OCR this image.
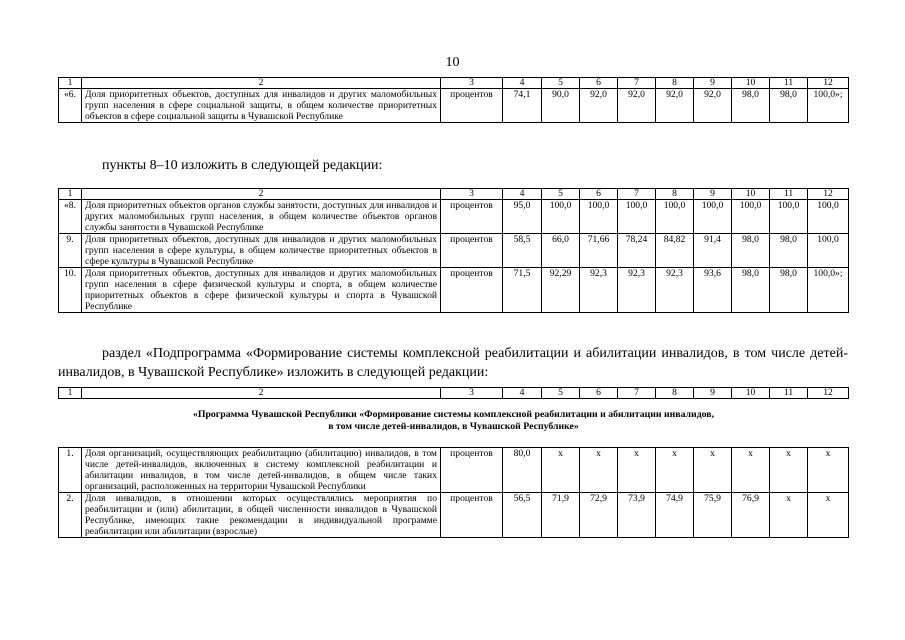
10
1	2	3	4	5	6	7	8	9	10	11	12
«6.	Доля приоритетных объектов, доступных для инвалидов и других маломобильных групп населения в сфере социальной защиты, в общем количестве приоритетных объектов в сфере социальной защиты в Чувашской Республике	процентов	74,1	90,0	92,0	92,0	92,0	92,0	98,0	98,0	100,0»;
пункты 8–10 изложить в следующей редакции:
1	2	3	4	5	6	7	8	9	10	11	12
«8.	Доля приоритетных объектов органов службы занятости, доступных для инвалидов и других маломобильных групп населения, в общем количестве объектов органов службы занятости в Чувашской Республике	процентов	95,0	100,0	100,0	100,0	100,0	100,0	100,0	100,0	100,0
9.	Доля приоритетных объектов, доступных для инвалидов и других маломобильных групп населения в сфере культуры, в общем количестве приоритетных объектов в сфере культуры в Чувашской Республике	процентов	58,5	66,0	71,66	78,24	84,82	91,4	98,0	98,0	100,0
10.	Доля приоритетных объектов, доступных для инвалидов и других маломобильных групп населения в сфере физической культуры и спорта, в общем количестве приоритетных объектов в сфере физической культуры и спорта в Чувашской Республике	процентов	71,5	92,29	92,3	92,3	92,3	93,6	98,0	98,0	100,0»;
раздел «Подпрограмма «Формирование системы комплексной реабилитации и абилитации инвалидов, в том числе детей-инвалидов, в Чувашской Республике» изложить в следующей редакции:
1	2	3	4	5	6	7	8	9	10	11	12

«Программа Чувашской Республики «Формирование системы комплексной реабилитации и абилитации инвалидов,
в том числе детей-инвалидов, в Чувашской Республике»											

1.	Доля организаций, осуществляющих реабилитацию (абилитацию) инвалидов, в том числе детей-инвалидов, включенных в систему комплексной реабилитации и абилитации инвалидов, в том числе детей-инвалидов, в общем числе таких организаций, расположенных на территории Чувашской Республики	процентов	80,0	x	x	x	x	x	x	x	x
2.	Доля инвалидов, в отношении которых осуществлялись мероприятия по реабилитации и (или) абилитации, в общей численности инвалидов в Чувашской Республике, имеющих такие рекомендации в индивидуальной программе реабилитации или абилитации (взрослые)	процентов	56,5	71,9	72,9	73,9	74,9	75,9	76,9	x	x
